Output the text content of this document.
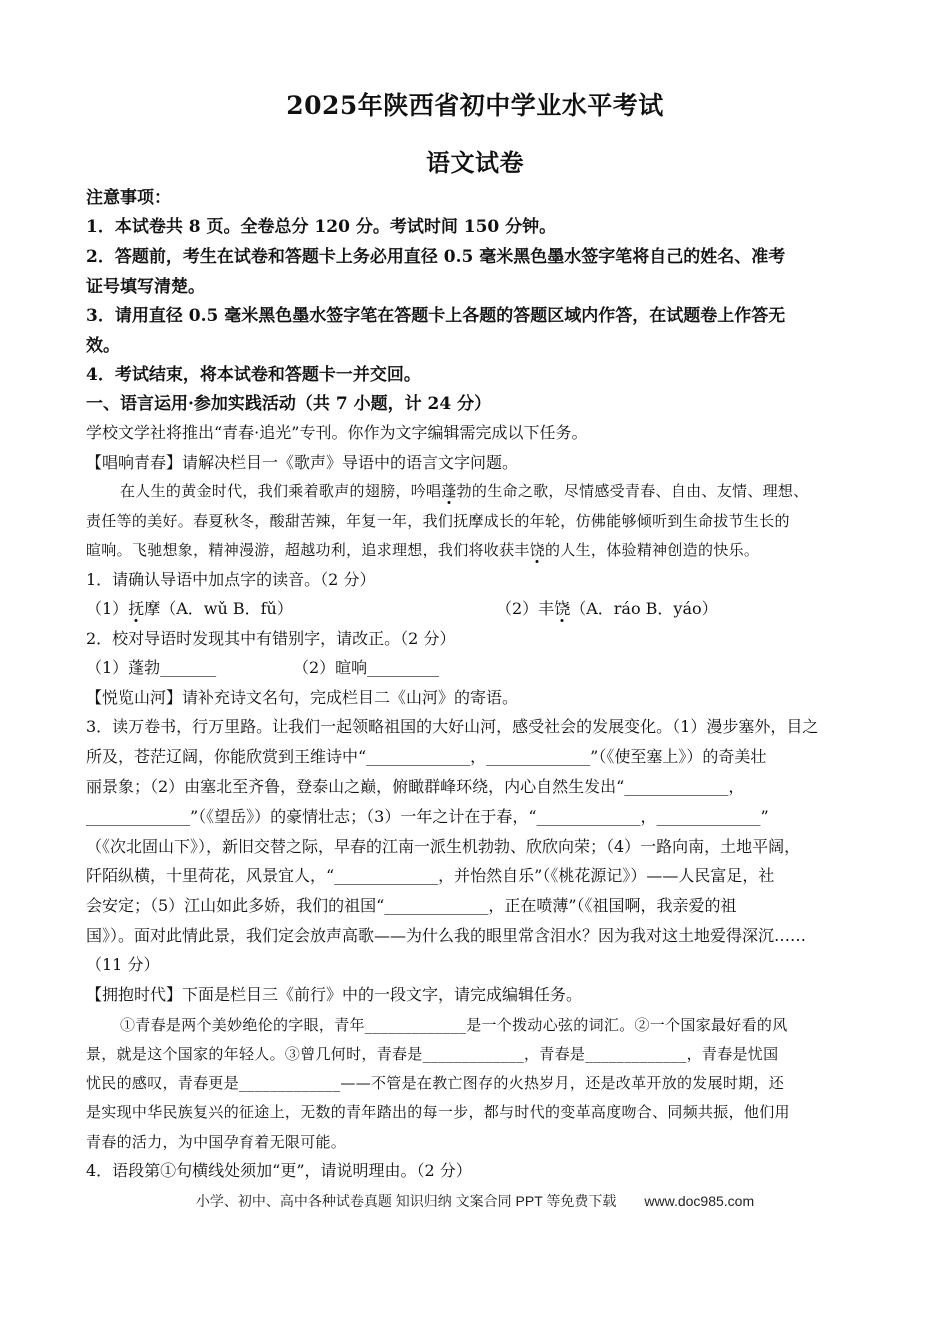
2025年陕西省初中学业水平考试
语文试卷
注意事项：
1．本试卷共 8 页。全卷总分 120 分。考试时间 150 分钟。
2．答题前，考生在试卷和答题卡上务必用直径 0.5 毫米黑色墨水签字笔将自己的姓名、准考
证号填写清楚。
3．请用直径 0.5 毫米黑色墨水签字笔在答题卡上各题的答题区域内作答，在试题卷上作答无
效。
4．考试结束，将本试卷和答题卡一并交回。
一、语言运用·参加实践活动（共 7 小题，计 24 分）
学校文学社将推出“青春·追光”专刊。你作为文字编辑需完成以下任务。
【唱响青春】请解决栏目一《歌声》导语中的语言文字问题。
在人生的黄金时代，我们乘着歌声的翅膀，吟唱蓬勃的生命之歌，尽情感受青春、自由、友情、理想、
责任等的美好。春夏秋冬，酸甜苦辣，年复一年，我们抚摩成长的年轮，仿佛能够倾听到生命拔节生长的
暄响。飞驰想象，精神漫游，超越功利，追求理想，我们将收获丰饶的人生，体验精神创造的快乐。
1．请确认导语中加点字的读音。（2 分）
（1）抚摩（A．wǔ B．fǔ）	（2）丰饶（A．ráo B．yáo）
2．校对导语时发现其中有错别字，请改正。（2 分）
（1）蓬勃_______	（2）暄响_________
【悦览山河】请补充诗文名句，完成栏目二《山河》的寄语。
3．读万卷书，行万里路。让我们一起领略祖国的大好山河，感受社会的发展变化。（1）漫步塞外，目之
所及，苍茫辽阔，你能欣赏到王维诗中“_____________，_____________”（《使至塞上》）的奇美壮
丽景象；（2）由塞北至齐鲁，登泰山之巅，俯瞰群峰环绕，内心自然生发出“_____________，
_____________”（《望岳》）的豪情壮志；（3）一年之计在于春，“_____________，_____________”
（《次北固山下》），新旧交替之际，早春的江南一派生机勃勃、欣欣向荣；（4）一路向南，土地平阔，
阡陌纵横，十里荷花，风景宜人，“_____________，并怡然自乐”（《桃花源记》）——人民富足，社
会安定；（5）江山如此多娇，我们的祖国“_____________，正在喷薄”（《祖国啊，我亲爱的祖
国》）。面对此情此景，我们定会放声高歌——为什么我的眼里常含泪水？因为我对这土地爱得深沉……
（11 分）
【拥抱时代】下面是栏目三《前行》中的一段文字，请完成编辑任务。
①青春是两个美妙绝伦的字眼，青年_____________是一个拨动心弦的词汇。②一个国家最好看的风
景，就是这个国家的年轻人。③曾几何时，青春是_____________，青春是_____________，青春是忧国
忧民的感叹，青春更是_____________——不管是在教亡图存的火热岁月，还是改革开放的发展时期，还
是实现中华民族复兴的征途上，无数的青年踏出的每一步，都与时代的变革高度吻合、同频共振，他们用
青春的活力，为中国孕育着无限可能。
4．语段第①句横线处须加“更”，请说明理由。（2 分）
小学、初中、高中各种试卷真题 知识归纳 文案合同 PPT 等免费下载 www.doc985.com
